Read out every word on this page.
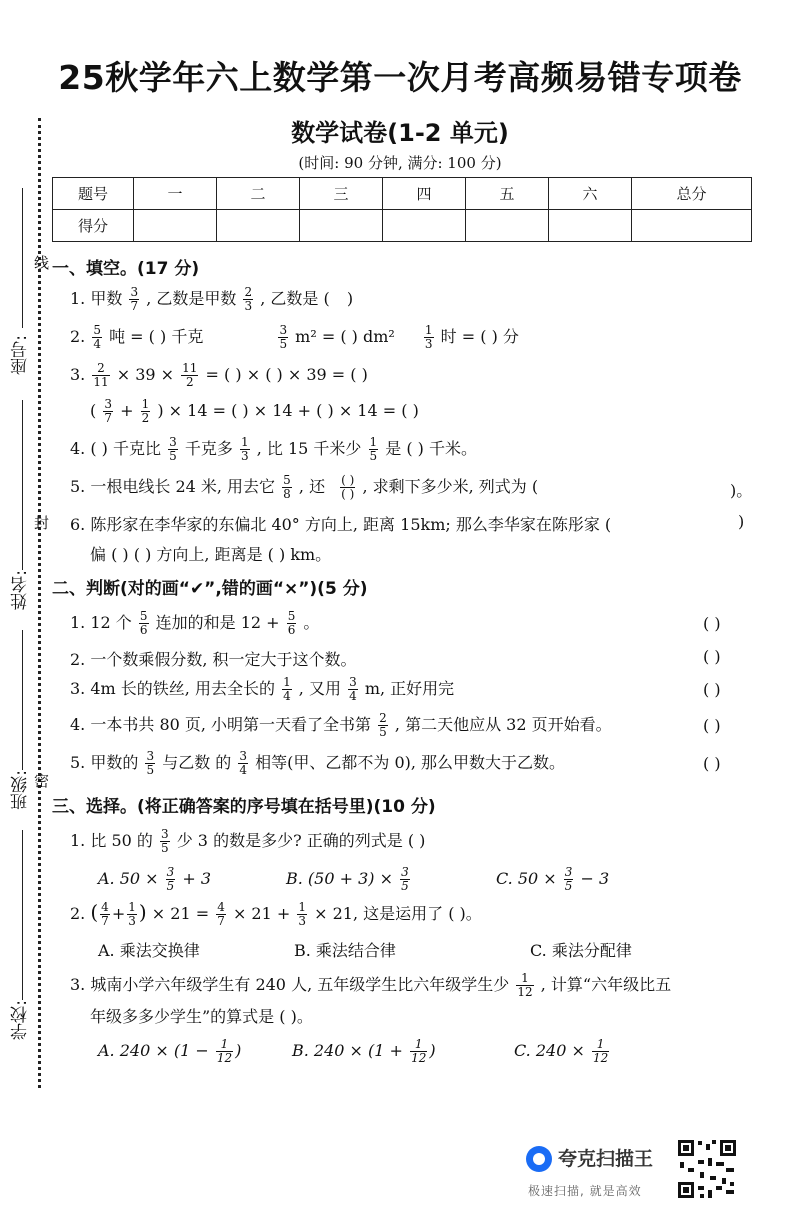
25秋学年六上数学第一次月考高频易错专项卷
数学试卷(1-2 单元)
(时间: 90 分钟, 满分: 100 分)
题号	一	二	三	四	五	六	总分
得分							
线
封
密
座号:
姓名:
班级:
学校:
一、填空。(17 分)
1. 甲数 $\frac{3}{7}$ , 乙数是甲数 $\frac{2}{3}$ , 乙数是 ( )
2. $\frac{5}{4}$ 吨 = ( ) 千克	$\frac{3}{5} m^2$ = ( ) $dm^2 \frac{1}{3}$ 时 = ( ) 分
3. $\frac{2}{11} \times 39 \times \frac{11}{2}$ = ( ) × ( ) × 39 = ( )
( $\frac{3}{7} + \frac{1}{2}$ ) × 14 = ( ) × 14 + ( ) × 14 = ( )
4. ( ) 千克比 $\frac{3}{5}$ 千克多 $\frac{1}{3}$ , 比 15 千米少 $\frac{1}{5}$ 是 ( ) 千米。
5. 一根电线长 24 米, 用去它 $\frac{5}{8}$ , 还 $\frac{( )}{( )}$ , 求剩下多少米, 列式为 (	)。
6. 陈彤家在李华家的东偏北 40° 方向上, 距离 15km; 那么李华家在陈彤家 (	)
偏 ( ) ( ) 方向上, 距离是 ( ) km。
二、判断(对的画“✔”,错的画“×”)(5 分)
1. 12 个 $\frac{5}{6}$ 连加的和是 $12 + \frac{5}{6}$ 。	( )
2. 一个数乘假分数, 积一定大于这个数。	( )
3. 4m 长的铁丝, 用去全长的 $\frac{1}{4}$ , 又用 $\frac{3}{4} m$, 正好用完	( )
4. 一本书共 80 页, 小明第一天看了全书第 $\frac{2}{5}$ , 第二天他应从 32 页开始看。	( )
5. 甲数的 $\frac{3}{5}$ 与乙数 的 $\frac{3}{4}$ 相等(甲、乙都不为 0), 那么甲数大于乙数。	( )
三、选择。(将正确答案的序号填在括号里)(10 分)
1. 比 50 的 $\frac{3}{5}$ 少 3 的数是多少? 正确的列式是 ( )
A. $50 \times \frac{3}{5} + 3$	B. $(50 + 3) \times \frac{3}{5}$	C. $50 \times \frac{3}{5} - 3$
2. ( $\frac{4}{7} + \frac{1}{3}$ ) × $21 = \frac{4}{7} \times 21 + \frac{1}{3} \times 21$, 这是运用了 ( )。
A. 乘法交换律	B. 乘法结合律	C. 乘法分配律
3. 城南小学六年级学生有 240 人, 五年级学生比六年级学生少 $\frac{1}{12}$ , 计算“六年级比五
年级多多少学生”的算式是 ( )。
A. $240 \times (1 - \frac{1}{12}$ )	B. $240 \times (1 + \frac{1}{12}$ )	C. $240 \times \frac{1}{12}$
夸克扫描王
极速扫描, 就是高效
